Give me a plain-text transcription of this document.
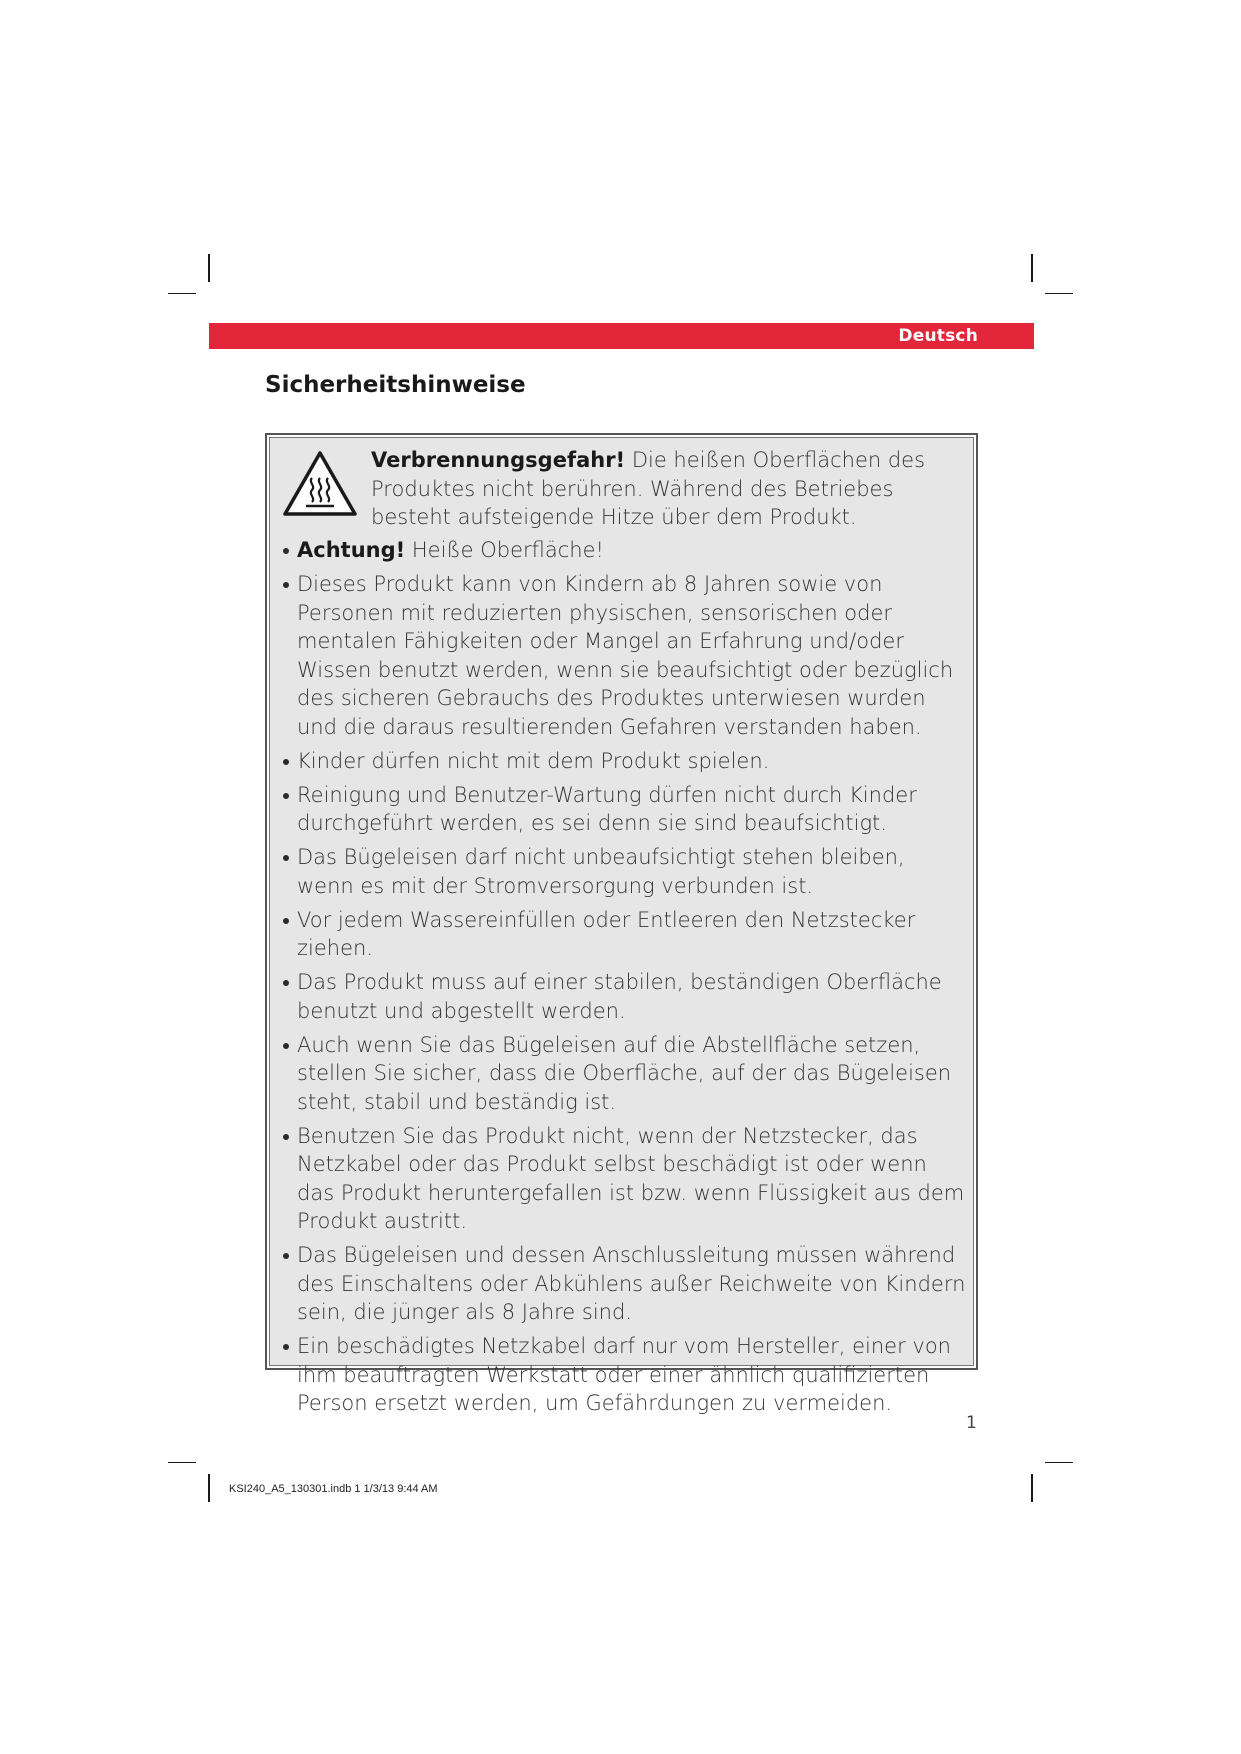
Deutsch
Sicherheitshinweise
Verbrennungsgefahr! Die heißen Oberflächen des Produktes nicht berühren. Während des Betriebes besteht aufsteigende Hitze über dem Produkt.
Achtung! Heiße Oberfläche!
Dieses Produkt kann von Kindern ab 8 Jahren sowie von Personen mit reduzierten physischen, sensorischen oder mentalen Fähigkeiten oder Mangel an Erfahrung und/oder Wissen benutzt werden, wenn sie beaufsichtigt oder bezüglich des sicheren Gebrauchs des Produktes unterwiesen wurden und die daraus resultierenden Gefahren verstanden haben.
Kinder dürfen nicht mit dem Produkt spielen.
Reinigung und Benutzer-Wartung dürfen nicht durch Kinder durchgeführt werden, es sei denn sie sind beaufsichtigt.
Das Bügeleisen darf nicht unbeaufsichtigt stehen bleiben, wenn es mit der Stromversorgung verbunden ist.
Vor jedem Wassereinfüllen oder Entleeren den Netzstecker ziehen.
Das Produkt muss auf einer stabilen, beständigen Oberfläche benutzt und abgestellt werden.
Auch wenn Sie das Bügeleisen auf die Abstellfläche setzen, stellen Sie sicher, dass die Oberfläche, auf der das Bügeleisen steht, stabil und beständig ist.
Benutzen Sie das Produkt nicht, wenn der Netzstecker, das Netzkabel oder das Produkt selbst beschädigt ist oder wenn das Produkt heruntergefallen ist bzw. wenn Flüssigkeit aus dem Produkt austritt.
Das Bügeleisen und dessen Anschlussleitung müssen während des Einschaltens oder Abkühlens außer Reichweite von Kindern sein, die jünger als 8 Jahre sind.
Ein beschädigtes Netzkabel darf nur vom Hersteller, einer von ihm beauftragten Werkstatt oder einer ähnlich qualifizierten Person ersetzt werden, um Gefährdungen zu vermeiden.
1
KSI240_A5_130301.indb 1 1/3/13 9:44 AM
